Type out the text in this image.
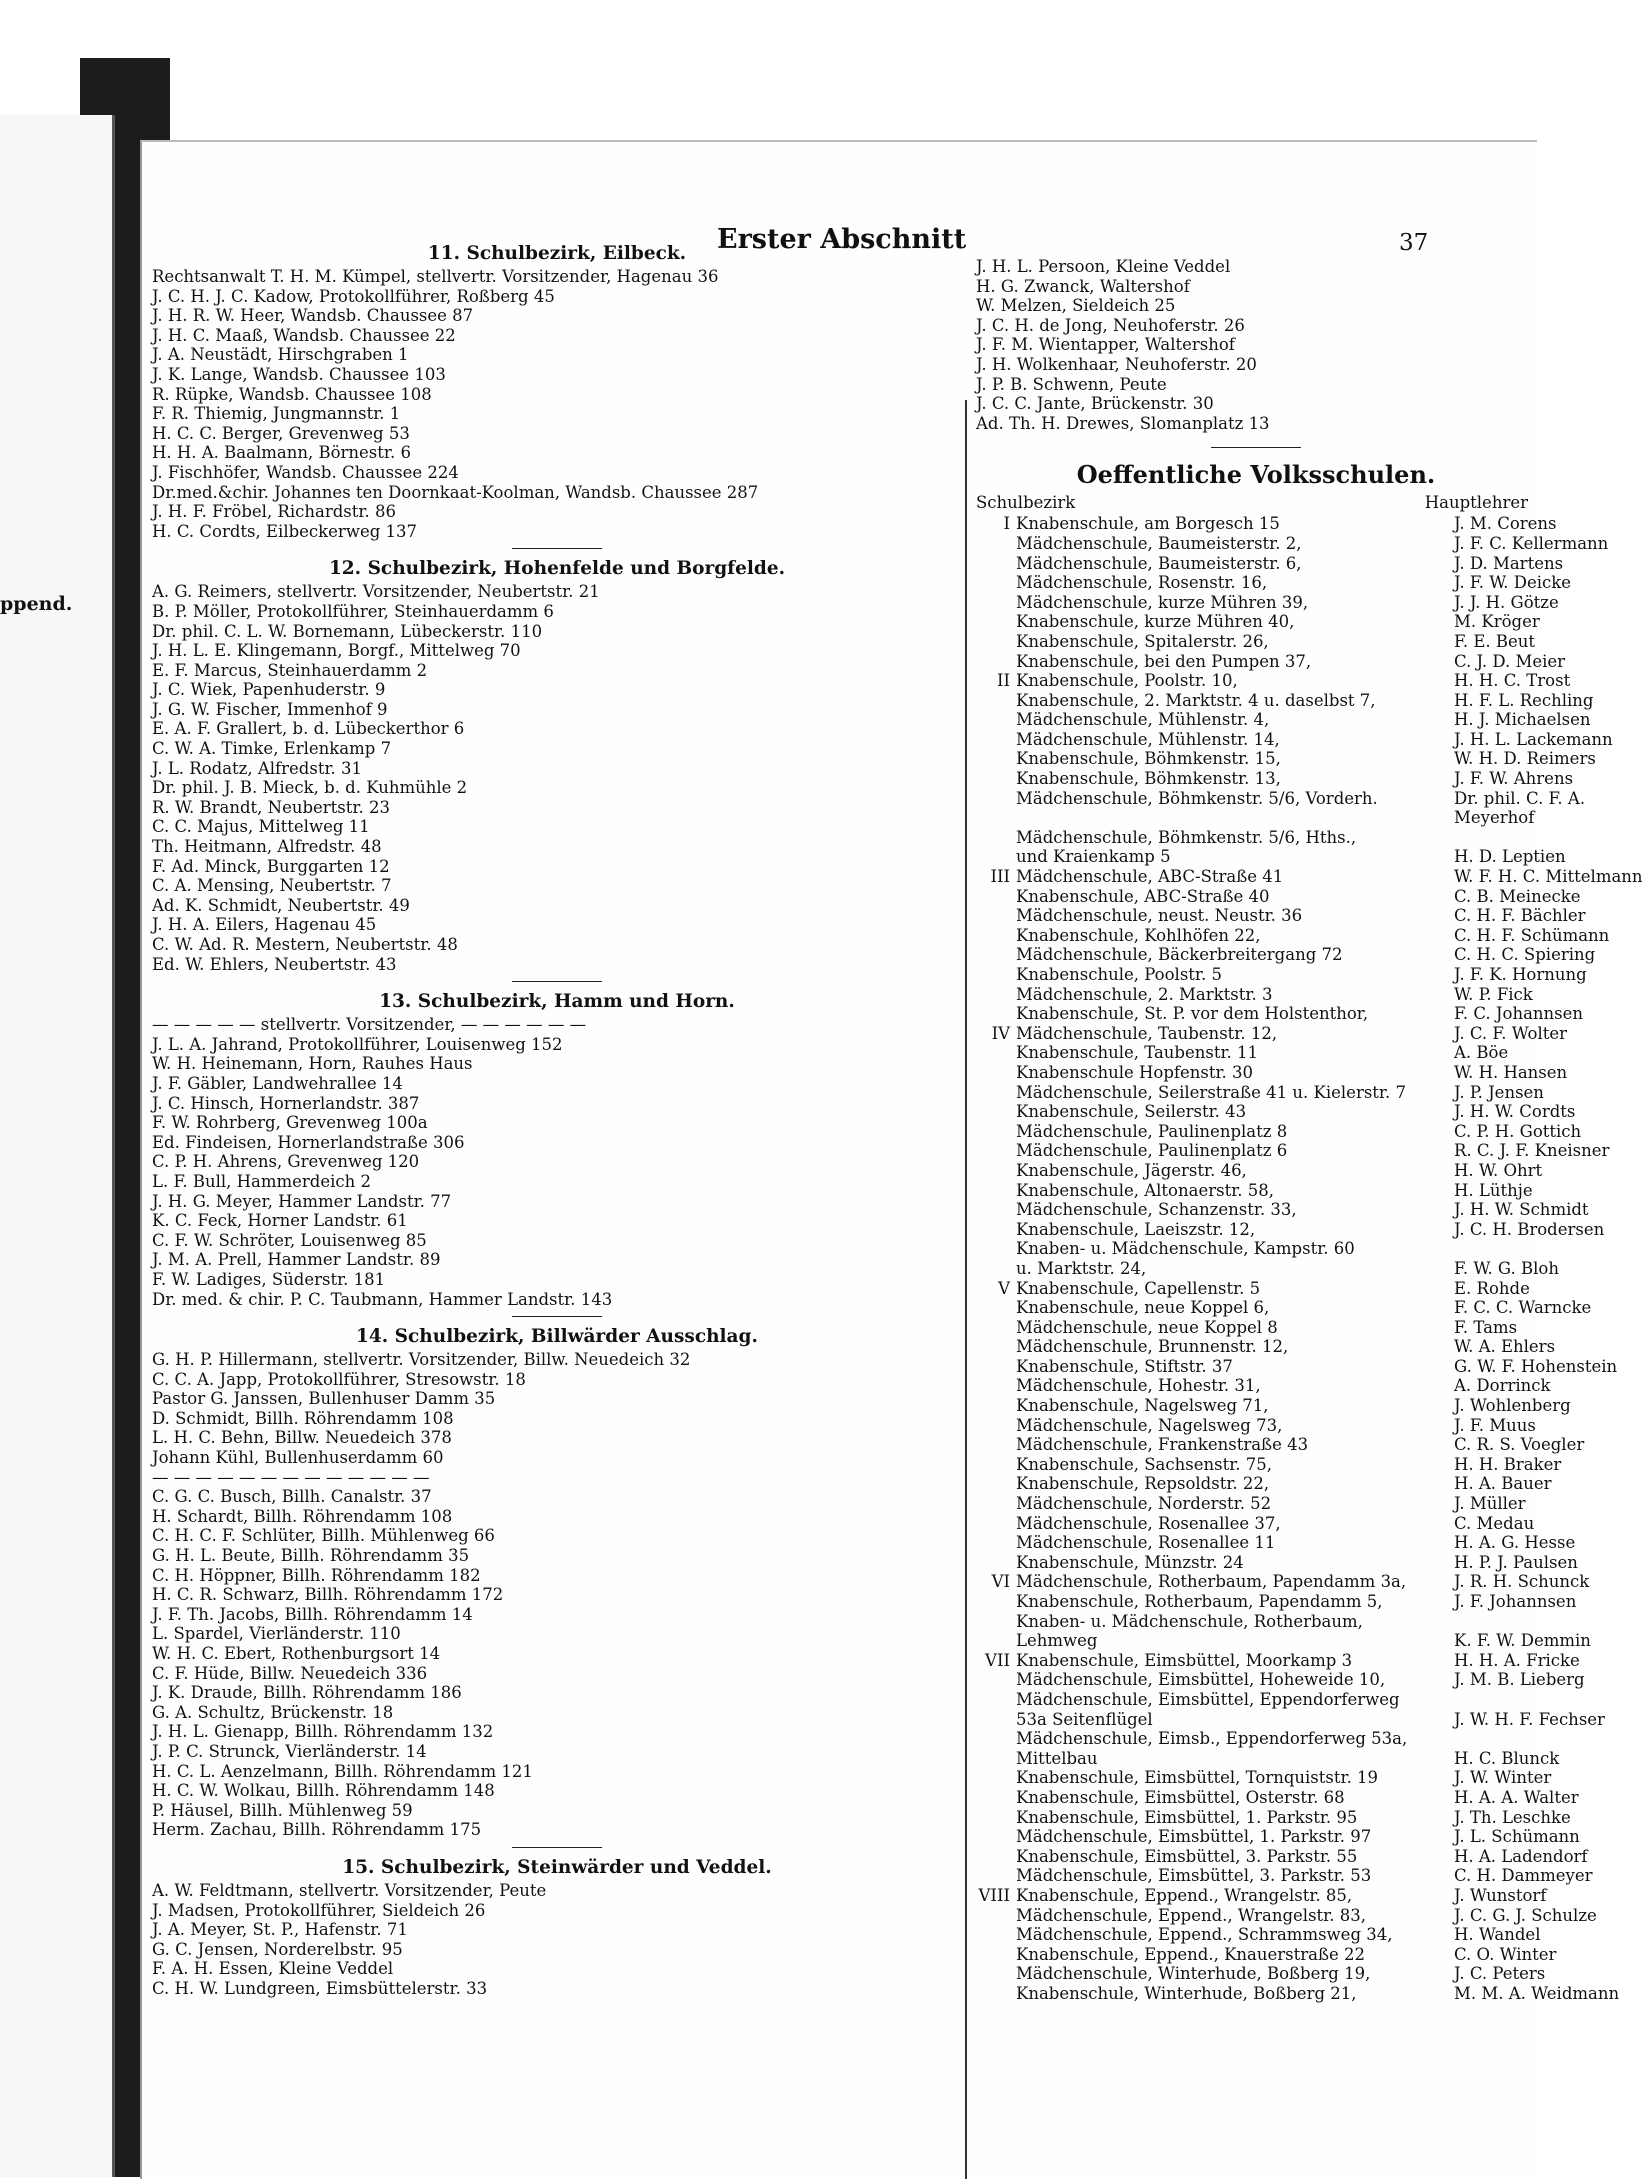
ppend.
Erster Abschnitt	37
11. Schulbezirk, Eilbeck.
Rechtsanwalt T. H. M. Kümpel, stellvertr. Vorsitzender, Hagenau 36
J. C. H. J. C. Kadow, Protokollführer, Roßberg 45
J. H. R. W. Heer, Wandsb. Chaussee 87
J. H. C. Maaß, Wandsb. Chaussee 22
J. A. Neustädt, Hirschgraben 1
J. K. Lange, Wandsb. Chaussee 103
R. Rüpke, Wandsb. Chaussee 108
F. R. Thiemig, Jungmannstr. 1
H. C. C. Berger, Grevenweg 53
H. H. A. Baalmann, Börnestr. 6
J. Fischhöfer, Wandsb. Chaussee 224
Dr.med.&chir. Johannes ten Doornkaat-Koolman, Wandsb. Chaussee 287
J. H. F. Fröbel, Richardstr. 86
H. C. Cordts, Eilbeckerweg 137
12. Schulbezirk, Hohenfelde und Borgfelde.
A. G. Reimers, stellvertr. Vorsitzender, Neubertstr. 21
B. P. Möller, Protokollführer, Steinhauerdamm 6
Dr. phil. C. L. W. Bornemann, Lübeckerstr. 110
J. H. L. E. Klingemann, Borgf., Mittelweg 70
E. F. Marcus, Steinhauerdamm 2
J. C. Wiek, Papenhuderstr. 9
J. G. W. Fischer, Immenhof 9
E. A. F. Grallert, b. d. Lübeckerthor 6
C. W. A. Timke, Erlenkamp 7
J. L. Rodatz, Alfredstr. 31
Dr. phil. J. B. Mieck, b. d. Kuhmühle 2
R. W. Brandt, Neubertstr. 23
C. C. Majus, Mittelweg 11
Th. Heitmann, Alfredstr. 48
F. Ad. Minck, Burggarten 12
C. A. Mensing, Neubertstr. 7
Ad. K. Schmidt, Neubertstr. 49
J. H. A. Eilers, Hagenau 45
C. W. Ad. R. Mestern, Neubertstr. 48
Ed. W. Ehlers, Neubertstr. 43
13. Schulbezirk, Hamm und Horn.
— — — — — stellvertr. Vorsitzender, — — — — — —
J. L. A. Jahrand, Protokollführer, Louisenweg 152
W. H. Heinemann, Horn, Rauhes Haus
J. F. Gäbler, Landwehrallee 14
J. C. Hinsch, Hornerlandstr. 387
F. W. Rohrberg, Grevenweg 100a
Ed. Findeisen, Hornerlandstraße 306
C. P. H. Ahrens, Grevenweg 120
L. F. Bull, Hammerdeich 2
J. H. G. Meyer, Hammer Landstr. 77
K. C. Feck, Horner Landstr. 61
C. F. W. Schröter, Louisenweg 85
J. M. A. Prell, Hammer Landstr. 89
F. W. Ladiges, Süderstr. 181
Dr. med. & chir. P. C. Taubmann, Hammer Landstr. 143
14. Schulbezirk, Billwärder Ausschlag.
G. H. P. Hillermann, stellvertr. Vorsitzender, Billw. Neuedeich 32
C. C. A. Japp, Protokollführer, Stresowstr. 18
Pastor G. Janssen, Bullenhuser Damm 35
D. Schmidt, Billh. Röhrendamm 108
L. H. C. Behn, Billw. Neuedeich 378
Johann Kühl, Bullenhuserdamm 60
— — — — — — — — — — — — —
C. G. C. Busch, Billh. Canalstr. 37
H. Schardt, Billh. Röhrendamm 108
C. H. C. F. Schlüter, Billh. Mühlenweg 66
G. H. L. Beute, Billh. Röhrendamm 35
C. H. Höppner, Billh. Röhrendamm 182
H. C. R. Schwarz, Billh. Röhrendamm 172
J. F. Th. Jacobs, Billh. Röhrendamm 14
L. Spardel, Vierländerstr. 110
W. H. C. Ebert, Rothenburgsort 14
C. F. Hüde, Billw. Neuedeich 336
J. K. Draude, Billh. Röhrendamm 186
G. A. Schultz, Brückenstr. 18
J. H. L. Gienapp, Billh. Röhrendamm 132
J. P. C. Strunck, Vierländerstr. 14
H. C. L. Aenzelmann, Billh. Röhrendamm 121
H. C. W. Wolkau, Billh. Röhrendamm 148
P. Häusel, Billh. Mühlenweg 59
Herm. Zachau, Billh. Röhrendamm 175
15. Schulbezirk, Steinwärder und Veddel.
A. W. Feldtmann, stellvertr. Vorsitzender, Peute
J. Madsen, Protokollführer, Sieldeich 26
J. A. Meyer, St. P., Hafenstr. 71
G. C. Jensen, Norderelbstr. 95
F. A. H. Essen, Kleine Veddel
C. H. W. Lundgreen, Eimsbüttelerstr. 33
J. H. L. Persoon, Kleine Veddel
H. G. Zwanck, Waltershof
W. Melzen, Sieldeich 25
J. C. H. de Jong, Neuhoferstr. 26
J. F. M. Wientapper, Waltershof
J. H. Wolkenhaar, Neuhoferstr. 20
J. P. B. Schwenn, Peute
J. C. C. Jante, Brückenstr. 30
Ad. Th. H. Drewes, Slomanplatz 13
Oeffentliche Volksschulen.
Schulbezirk	Hauptlehrer
I Knabenschule, am Borgesch 15	J. M. Corens
Mädchenschule, Baumeisterstr. 2,	J. F. C. Kellermann
Mädchenschule, Baumeisterstr. 6,	J. D. Martens
Mädchenschule, Rosenstr. 16,	J. F. W. Deicke
Mädchenschule, kurze Mühren 39,	J. J. H. Götze
Knabenschule, kurze Mühren 40,	M. Kröger
Knabenschule, Spitalerstr. 26,	F. E. Beut
Knabenschule, bei den Pumpen 37,	C. J. D. Meier
II Knabenschule, Poolstr. 10,	H. H. C. Trost
Knabenschule, 2. Marktstr. 4 u. daselbst 7,	H. F. L. Rechling
Mädchenschule, Mühlenstr. 4,	H. J. Michaelsen
Mädchenschule, Mühlenstr. 14,	J. H. L. Lackemann
Knabenschule, Böhmkenstr. 15,	W. H. D. Reimers
Knabenschule, Böhmkenstr. 13,	J. F. W. Ahrens
Mädchenschule, Böhmkenstr. 5/6, Vorderh.	Dr. phil. C. F. A.
Meyerhof
Mädchenschule, Böhmkenstr. 5/6, Hths.,
und Kraienkamp 5	H. D. Leptien
III Mädchenschule, ABC-Straße 41	W. F. H. C. Mittelmann
Knabenschule, ABC-Straße 40	C. B. Meinecke
Mädchenschule, neust. Neustr. 36	C. H. F. Bächler
Knabenschule, Kohlhöfen 22,	C. H. F. Schümann
Mädchenschule, Bäckerbreitergang 72	C. H. C. Spiering
Knabenschule, Poolstr. 5	J. F. K. Hornung
Mädchenschule, 2. Marktstr. 3	W. P. Fick
Knabenschule, St. P. vor dem Holstenthor,	F. C. Johannsen
IV Mädchenschule, Taubenstr. 12,	J. C. F. Wolter
Knabenschule, Taubenstr. 11	A. Böe
Knabenschule Hopfenstr. 30	W. H. Hansen
Mädchenschule, Seilerstraße 41 u. Kielerstr. 7	J. P. Jensen
Knabenschule, Seilerstr. 43	J. H. W. Cordts
Mädchenschule, Paulinenplatz 8	C. P. H. Gottich
Mädchenschule, Paulinenplatz 6	R. C. J. F. Kneisner
Knabenschule, Jägerstr. 46,	H. W. Ohrt
Knabenschule, Altonaerstr. 58,	H. Lüthje
Mädchenschule, Schanzenstr. 33,	J. H. W. Schmidt
Knabenschule, Laeiszstr. 12,	J. C. H. Brodersen
Knaben- u. Mädchenschule, Kampstr. 60
u. Marktstr. 24,	F. W. G. Bloh
V Knabenschule, Capellenstr. 5	E. Rohde
Knabenschule, neue Koppel 6,	F. C. C. Warncke
Mädchenschule, neue Koppel 8	F. Tams
Mädchenschule, Brunnenstr. 12,	W. A. Ehlers
Knabenschule, Stiftstr. 37	G. W. F. Hohenstein
Mädchenschule, Hohestr. 31,	A. Dorrinck
Knabenschule, Nagelsweg 71,	J. Wohlenberg
Mädchenschule, Nagelsweg 73,	J. F. Muus
Mädchenschule, Frankenstraße 43	C. R. S. Voegler
Knabenschule, Sachsenstr. 75,	H. H. Braker
Knabenschule, Repsoldstr. 22,	H. A. Bauer
Mädchenschule, Norderstr. 52	J. Müller
Mädchenschule, Rosenallee 37,	C. Medau
Mädchenschule, Rosenallee 11	H. A. G. Hesse
Knabenschule, Münzstr. 24	H. P. J. Paulsen
VI Mädchenschule, Rotherbaum, Papendamm 3a,	J. R. H. Schunck
Knabenschule, Rotherbaum, Papendamm 5,	J. F. Johannsen
Knaben- u. Mädchenschule, Rotherbaum,
Lehmweg	K. F. W. Demmin
VII Knabenschule, Eimsbüttel, Moorkamp 3	H. H. A. Fricke
Mädchenschule, Eimsbüttel, Hoheweide 10,	J. M. B. Lieberg
Mädchenschule, Eimsbüttel, Eppendorferweg
53a Seitenflügel	J. W. H. F. Fechser
Mädchenschule, Eimsb., Eppendorferweg 53a,
Mittelbau	H. C. Blunck
Knabenschule, Eimsbüttel, Tornquiststr. 19	J. W. Winter
Knabenschule, Eimsbüttel, Osterstr. 68	H. A. A. Walter
Knabenschule, Eimsbüttel, 1. Parkstr. 95	J. Th. Leschke
Mädchenschule, Eimsbüttel, 1. Parkstr. 97	J. L. Schümann
Knabenschule, Eimsbüttel, 3. Parkstr. 55	H. A. Ladendorf
Mädchenschule, Eimsbüttel, 3. Parkstr. 53	C. H. Dammeyer
VIII Knabenschule, Eppend., Wrangelstr. 85,	J. Wunstorf
Mädchenschule, Eppend., Wrangelstr. 83,	J. C. G. J. Schulze
Mädchenschule, Eppend., Schrammsweg 34,	H. Wandel
Knabenschule, Eppend., Knauerstraße 22	C. O. Winter
Mädchenschule, Winterhude, Boßberg 19,	J. C. Peters
Knabenschule, Winterhude, Boßberg 21,	M. M. A. Weidmann
